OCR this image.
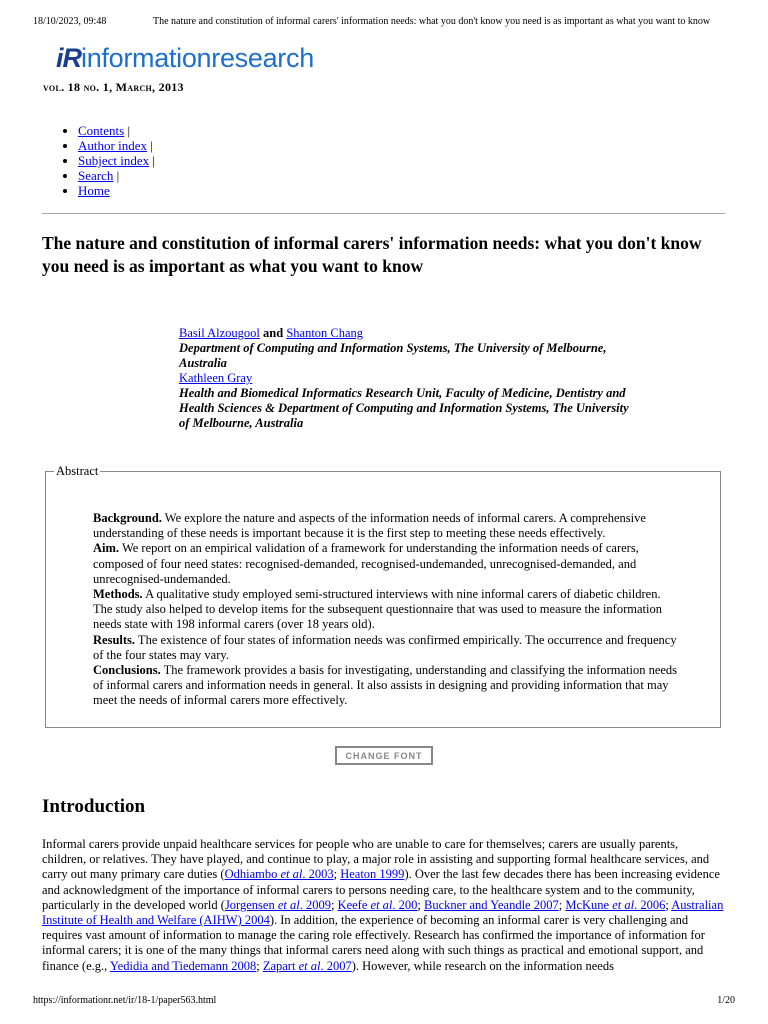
18/10/2023, 09:48	The nature and constitution of informal carers' information needs: what you don't know you need is as important as what you want to know
iR informationresearch
vol. 18 no. 1, March, 2013
• Contents |
• Author index |
• Subject index |
• Search |
• Home
The nature and constitution of informal carers' information needs: what you don't know you need is as important as what you want to know
Basil Alzougool and Shanton Chang
Department of Computing and Information Systems, The University of Melbourne, Australia
Kathleen Gray
Health and Biomedical Informatics Research Unit, Faculty of Medicine, Dentistry and Health Sciences & Department of Computing and Information Systems, The University of Melbourne, Australia
Abstract

Background. We explore the nature and aspects of the information needs of informal carers. A comprehensive understanding of these needs is important because it is the first step to meeting these needs effectively.

Aim. We report on an empirical validation of a framework for understanding the information needs of carers, composed of four need states: recognised-demanded, recognised-undemanded, unrecognised-demanded, and unrecognised-undemanded.

Methods. A qualitative study employed semi-structured interviews with nine informal carers of diabetic children. The study also helped to develop items for the subsequent questionnaire that was used to measure the information needs state with 198 informal carers (over 18 years old).

Results. The existence of four states of information needs was confirmed empirically. The occurrence and frequency of the four states may vary.

Conclusions. The framework provides a basis for investigating, understanding and classifying the information needs of informal carers and information needs in general. It also assists in designing and providing information that may meet the needs of informal carers more effectively.

CHANGE FONT
Introduction

Informal carers provide unpaid healthcare services for people who are unable to care for themselves; carers are usually parents, children, or relatives. They have played, and continue to play, a major role in assisting and supporting formal healthcare services, and carry out many primary care duties (Odhiambo et al. 2003; Heaton 1999). Over the last few decades there has been increasing evidence and acknowledgment of the importance of informal carers to persons needing care, to the healthcare system and to the community, particularly in the developed world (Jorgensen et al. 2009; Keefe et al. 200; Buckner and Yeandle 2007; McKune et al. 2006; Australian Institute of Health and Welfare (AIHW) 2004). In addition, the experience of becoming an informal carer is very challenging and requires vast amount of information to manage the caring role effectively. Research has confirmed the importance of information for informal carers; it is one of the many things that informal carers need along with such things as practical and emotional support, and finance (e.g., Yedidia and Tiedemann 2008; Zapart et al. 2007). However, while research on the information needs

https://informationr.net/ir/18-1/paper563.html	1/20
